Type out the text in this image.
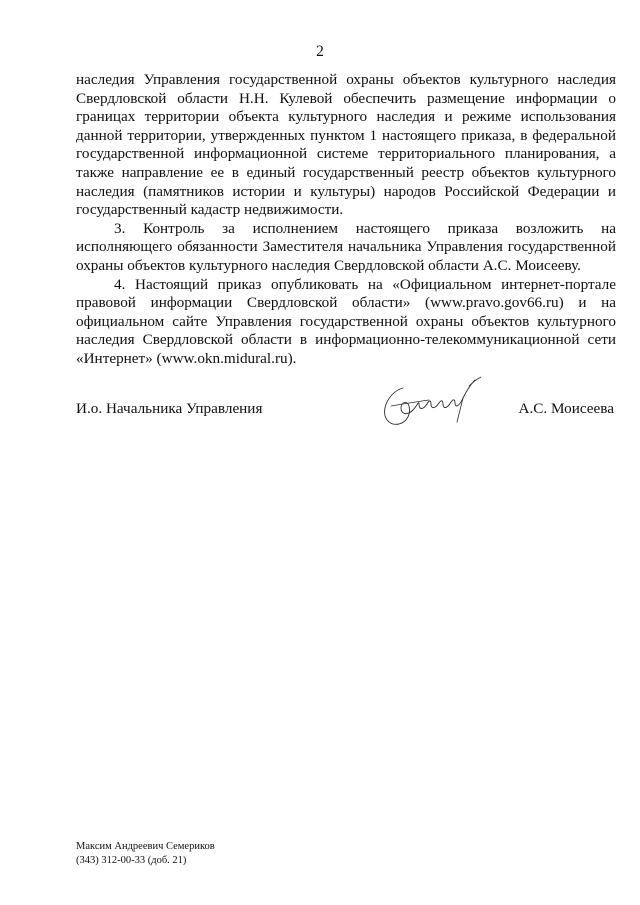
2

наследия Управления государственной охраны объектов культурного наследия Свердловской области Н.Н. Кулевой обеспечить размещение информации о границах территории объекта культурного наследия и режиме использования данной территории, утвержденных пунктом 1 настоящего приказа, в федеральной государственной информационной системе территориального планирования, а также направление ее в единый государственный реестр объектов культурного наследия (памятников истории и культуры) народов Российской Федерации и государственный кадастр недвижимости.

3. Контроль за исполнением настоящего приказа возложить на исполняющего обязанности Заместителя начальника Управления государственной охраны объектов культурного наследия Свердловской области А.С. Моисееву.

4. Настоящий приказ опубликовать на «Официальном интернет-портале правовой информации Свердловской области» (www.pravo.gov66.ru) и на официальном сайте Управления государственной охраны объектов культурного наследия Свердловской области в информационно-телекоммуникационной сети «Интернет» (www.okn.midural.ru).

И.о. Начальника Управления	А.С. Моисеева
Максим Андреевич Семериков
(343) 312-00-33 (доб. 21)
